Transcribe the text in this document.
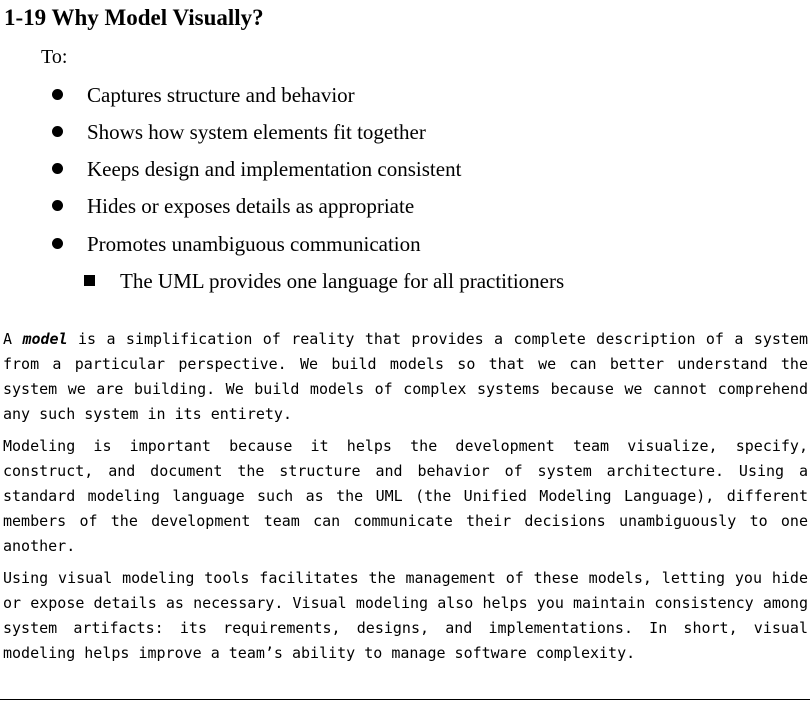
1-19 Why Model Visually?
To:
Captures structure and behavior
Shows how system elements fit together
Keeps design and implementation consistent
Hides or exposes details as appropriate
Promotes unambiguous communication
The UML provides one language for all practitioners

A model is a simplification of reality that provides a complete description of a system from a particular perspective. We build models so that we can better understand the system we are building. We build models of complex systems because we cannot comprehend any such system in its entirety.

Modeling is important because it helps the development team visualize, specify, construct, and document the structure and behavior of system architecture. Using a standard modeling language such as the UML (the Unified Modeling Language), different members of the development team can communicate their decisions unambiguously to one another.

Using visual modeling tools facilitates the management of these models, letting you hide or expose details as necessary. Visual modeling also helps you maintain consistency among system artifacts: its requirements, designs, and implementations. In short, visual modeling helps improve a team’s ability to manage software complexity.
